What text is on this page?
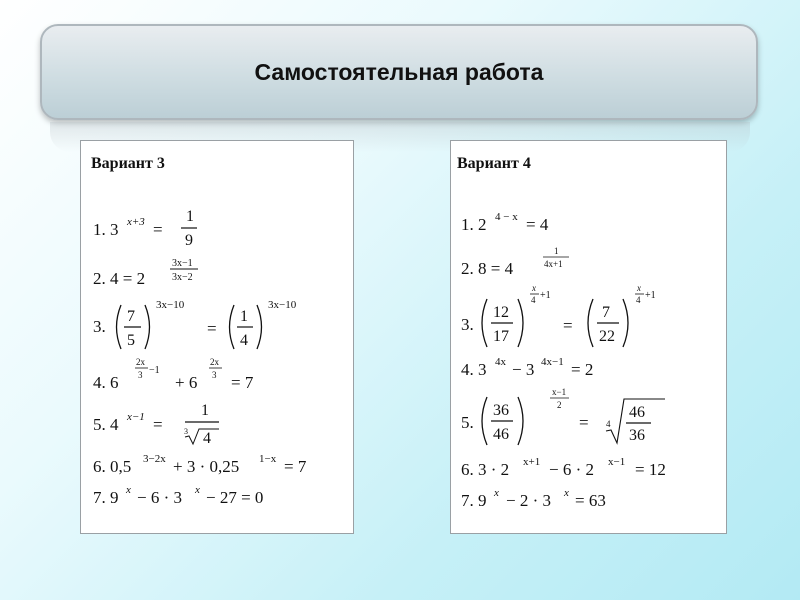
Самостоятельная работа
Вариант 3
1. 3 x+3 =
1
9
2. 4 = 2
3x−1
3x−2
3.
7
5
3x−10
=
1
4
3x−10
4. 6
2x
3 −1
+ 6
2x
3 = 7
5. 4 x−1 =
1
3 4
6. 0,5 3−2x + 3 · 0,25 1−x = 7
7. 9 x − 6 · 3 x − 27 = 0
Вариант 4
1. 2 4 − x = 4
2. 8 = 4
1
4x+1
3.
12
17
x
4 +1
=
7
22
x
4 +1
4. 3 4x − 3 4x−1 = 2
5.
36
46
x−1
2
= 4
46
36
6. 3 · 2 x+1 − 6 · 2 x−1 = 12
7. 9 x − 2 · 3 x = 63
